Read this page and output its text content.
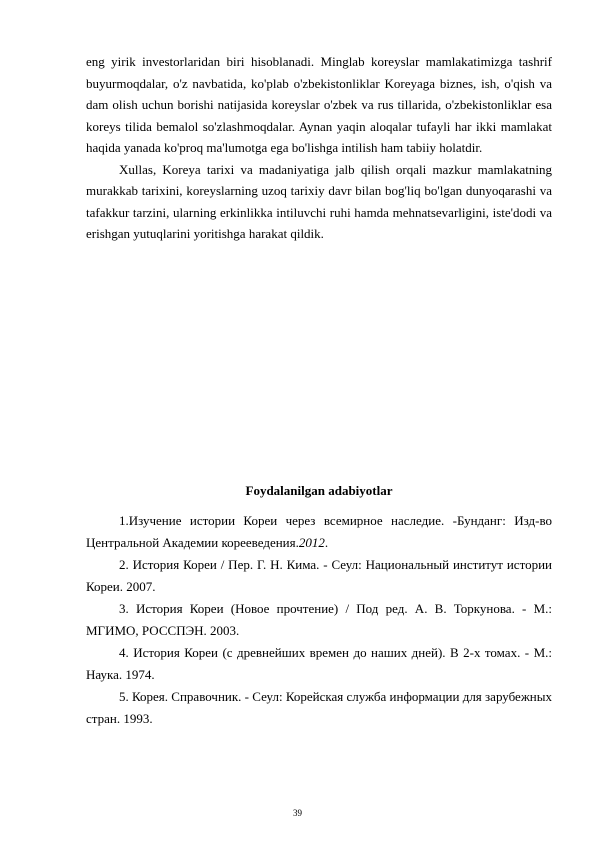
eng yirik investorlaridan biri hisoblanadi. Minglab koreyslar mamlakatimizga tashrif buyurmoqdalar, o'z navbatida, ko'plab o'zbekistonliklar Koreyaga biznes, ish, o'qish va dam olish uchun borishi natijasida koreyslar o'zbek va rus tillarida, o'zbekistonliklar esa koreys tilida bemalol so'zlashmoqdalar. Aynan yaqin aloqalar tufayli har ikki mamlakat haqida yanada ko'proq ma'lumotga ega bo'lishga intilish ham tabiiy holatdir.

Xullas, Koreya tarixi va madaniyatiga jalb qilish orqali mazkur mamlakatning murakkab tarixini, koreyslarning uzoq tarixiy davr bilan bog'liq bo'lgan dunyoqarashi va tafakkur tarzini, ularning erkinlikka intiluvchi ruhi hamda mehnatsevarligini, iste'dodi va erishgan yutuqlarini yoritishga harakat qildik.

Foydalanilgan adabiyotlar

1.Изучение истории Кореи через всемирное наследие. -Бунданг: Изд-во Центральной Академии корееведения.2012.

2. История Кореи / Пер. Г. Н. Кима. - Сеул: Национальный институт истории Кореи. 2007.

3. История Кореи (Новое прочтение) / Под ред. А. В. Торкунова. - М.: МГИМО, РОССПЭН. 2003.

4. История Кореи (с древнейших времен до наших дней). В 2-х томах. - М.: Наука. 1974.

5. Корея. Справочник. - Сеул: Корейская служба информации для зарубежных стран. 1993.

39
